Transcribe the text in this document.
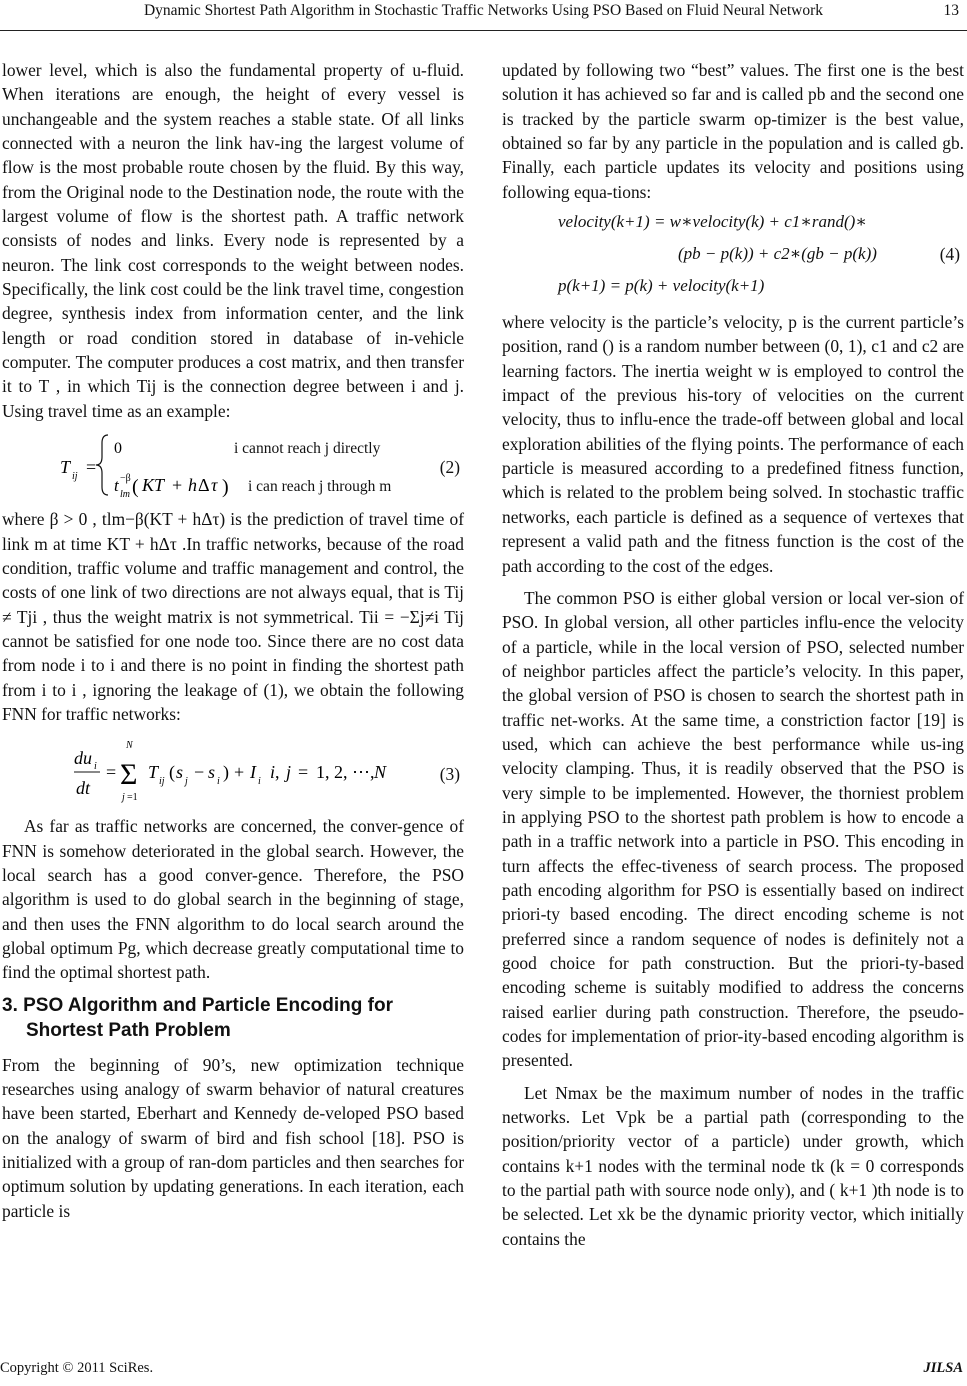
Dynamic Shortest Path Algorithm in Stochastic Traffic Networks Using PSO Based on Fluid Neural Network	13

lower level, which is also the fundamental property of u-fluid. When iterations are enough, the height of every vessel is unchangeable and the system reaches a stable state. Of all links connected with a neuron the link hav-ing the largest volume of flow is the most probable route chosen by the fluid. By this way, from the Original node to the Destination node, the route with the largest volume of flow is the shortest path. A traffic network consists of nodes and links. Every node is represented by a neuron. The link cost corresponds to the weight between nodes. Specifically, the link cost could be the link travel time, congestion degree, synthesis index from information center, and the link length or road condition stored in database of in-vehicle computer. The computer produces a cost matrix, and then transfer it to T , in which Tij is the connection degree between i and j. Using travel time as an example:

T ij =
0
t −β
lm ( KT + h Δ τ )
i cannot reach j directly
i can reach j through m
(2)

where β > 0 , tlm−β(KT + hΔτ) is the prediction of travel time of link m at time KT + hΔτ .In traffic networks, because of the road condition, traffic volume and traffic management and control, the costs of one link of two directions are not always equal, that is Tij ≠ Tji , thus the weight matrix is not symmetrical. Tii = −Σj≠i Tij cannot be satisfied for one node too. Since there are no cost data from node i to i and there is no point in finding the shortest path from i to i , ignoring the leakage of (1), we obtain the following FNN for traffic networks:

du i
dt
=
N
Σ
j =1
T ij ( s j − s i ) + I i i , j = 1, 2, ⋯, N	(3)

As far as traffic networks are concerned, the conver-gence of FNN is somehow deteriorated in the global search. However, the local search has a good conver-gence. Therefore, the PSO algorithm is used to do global search in the beginning of stage, and then uses the FNN algorithm to do local search around the global optimum Pg, which decrease greatly computational time to find the optimal shortest path.

3. PSO Algorithm and Particle Encoding for
Shortest Path Problem

From the beginning of 90’s, new optimization technique researches using analogy of swarm behavior of natural creatures have been started, Eberhart and Kennedy de-veloped PSO based on the analogy of swarm of bird and fish school [18]. PSO is initialized with a group of ran-dom particles and then searches for optimum solution by updating generations. In each iteration, each particle is

updated by following two “best” values. The first one is the best solution it has achieved so far and is called pb and the second one is tracked by the particle swarm op-timizer is the best value, obtained so far by any particle in the population and is called gb. Finally, each particle updates its velocity and positions using following equa-tions:

velocity(k+1) = w∗velocity(k) + c1∗rand()∗
(pb − p(k)) + c2∗(gb − p(k))
p(k+1) = p(k) + velocity(k+1)
(4)

where velocity is the particle’s velocity, p is the current particle’s position, rand () is a random number between (0, 1), c1 and c2 are learning factors. The inertia weight w is employed to control the impact of the previous his-tory of velocities on the current velocity, thus to influ-ence the trade-off between global and local exploration abilities of the flying points. The performance of each particle is measured according to a predefined fitness function, which is related to the problem being solved. In stochastic traffic networks, each particle is defined as a sequence of vertexes that represent a valid path and the fitness function is the cost of the path according to the cost of the edges.

The common PSO is either global version or local ver-sion of PSO. In global version, all other particles influ-ence the velocity of a particle, while in the local version of PSO, selected number of neighbor particles affect the particle’s velocity. In this paper, the global version of PSO is chosen to search the shortest path in traffic net-works. At the same time, a constriction factor [19] is used, which can achieve the best performance while us-ing velocity clamping. Thus, it is readily observed that the PSO is very simple to be implemented. However, the thorniest problem in applying PSO to the shortest path problem is how to encode a path in a traffic network into a particle in PSO. This encoding in turn affects the effec-tiveness of search process. The proposed path encoding algorithm for PSO is essentially based on indirect priori-ty based encoding. The direct encoding scheme is not preferred since a random sequence of nodes is definitely not a good choice for path construction. But the priori-ty-based encoding scheme is suitably modified to address the concerns raised earlier during path construction. Therefore, the pseudo-codes for implementation of prior-ity-based encoding algorithm is presented.

Let Nmax be the maximum number of nodes in the traffic networks. Let Vpk be a partial path (corresponding to the position/priority vector of a particle) under growth, which contains k+1 nodes with the terminal node tk (k = 0 corresponds to the partial path with source node only), and ( k+1 )th node is to be selected. Let xk be the dynamic priority vector, which initially contains the

Copyright © 2011 SciRes.	JILSA
